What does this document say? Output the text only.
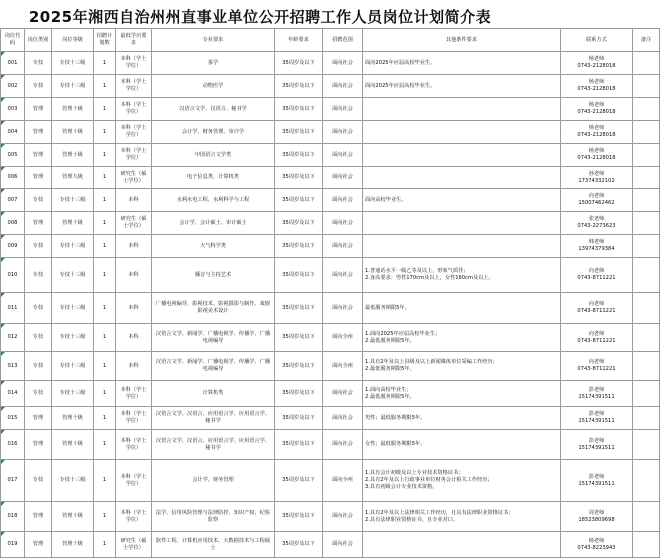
2025年湘西自治州州直事业单位公开招聘工作人员岗位计划简介表
岗位代码	岗位类别	岗位等级	招聘计划数	最低学历要求	专业要求	年龄要求	招聘范围	其他条件要求	联系方式	备注
001	专技	专技十三级	1	本科（学士学位）	茶学	35周岁及以下	面向社会	面向2025年应届高校毕业生。	杨老师
0743-2128018	
002	专技	专技十三级	1	本科（学士学位）	动物医学	35周岁及以下	面向社会	面向2025年应届高校毕业生。	杨老师
0743-2128018	
003	管理	管理十级	1	本科（学士学位）	汉语言文学、汉语言、秘书学	35周岁及以下	面向社会		杨老师
0743-2128018	
004	管理	管理十级	1	本科（学士学位）	会计学、财务管理、审计学	35周岁及以下	面向社会		杨老师
0743-2128018	
005	管理	管理十级	1	本科（学士学位）	中国语言文学类	35周岁及以下	面向社会		杨老师
0743-2128018	
006	管理	管理九级	1	研究生（硕士学位）	电子信息类、计算机类	35周岁及以下	面向社会		孙老师
17374332102	
007	专技	专技十三级	1	本科	水利水电工程、水利科学与工程	35周岁及以下	面向社会	面向高校毕业生。	向老师
15007462462	
008	管理	管理十级	1	研究生（硕士学位）	会计学、会计硕士、审计硕士	35周岁及以下	面向社会		张老师
0743-2273623	
009	专技	专技十三级	1	本科	大气科学类	35周岁及以下	面向社会		韩老师
13974379384	
010	专技	专技十三级	1	本科	播音与主持艺术	35周岁及以下	面向社会	1.普通话水平一级乙等及以上，形象气质佳；
2.身高要求：男性170cm及以上，女性160cm及以上。	向老师
0743-8711221	
011	专技	专技十三级	1	本科	广播电视编导、影视技术、影视摄影与制作、戏剧影视美术设计	35周岁及以下	面向社会	最低服务期限5年。	向老师
0743-8711221	
012	专技	专技十三级	1	本科	汉语言文学、新闻学、广播电视学、传播学、广播电视编导	35周岁及以下	面向全州	1.面向2025年应届高校毕业生；
2.最低服务期限5年。	向老师
0743-8711221	
013	专技	专技十三级	1	本科	汉语言文学、新闻学、广播电视学、传播学、广播电视编导	35周岁及以下	面向全州	1.具有2年及以上县级及以上新闻媒体单位采编工作经历；
2.最低服务期限5年。	向老师
0743-8711221	
014	专技	专技十三级	1	本科（学士学位）	计算机类	35周岁及以下	面向社会	1.面向高校毕业生；
2.最低服务期限5年。	彭老师
15174391511	
015	管理	管理十级	1	本科（学士学位）	汉语言文学、汉语言、应用语言学、应用语言学、秘书学	35周岁及以下	面向社会	男性；最低服务期限5年。	彭老师
15174391511	
016	管理	管理十级	1	本科（学士学位）	汉语言文学、汉语言、应用语言学、应用语言学、秘书学	35周岁及以下	面向社会	女性；最低服务期限5年。	彭老师
15174391511	
017	专技	专技十三级	1	本科（学士学位）	会计学、财务管理	35周岁及以下	面向全州	1.具有会计初级及以上专业技术资格证书；
2.具有2年及以上行政事业单位财务会计相关工作经历；
3.具有初级会计专业技术资格。	彭老师
15174391511	
018	管理	管理十级	1	本科（学士学位）	法学、信用风险管理与法律防控、知识产权、纪检监察	35周岁及以下	面向社会	1.具有2年及以上法律相关工作经历，且具有法律职业资格证书；
2.具有法律职业资格证书，且专业对口。	周老师
18523809698	
019	管理	管理十级	1	研究生（硕士学位）	软件工程、计算机应用技术、大数据技术与工程硕士	35周岁及以下	面向社会		杨老师
0743-8223943	
